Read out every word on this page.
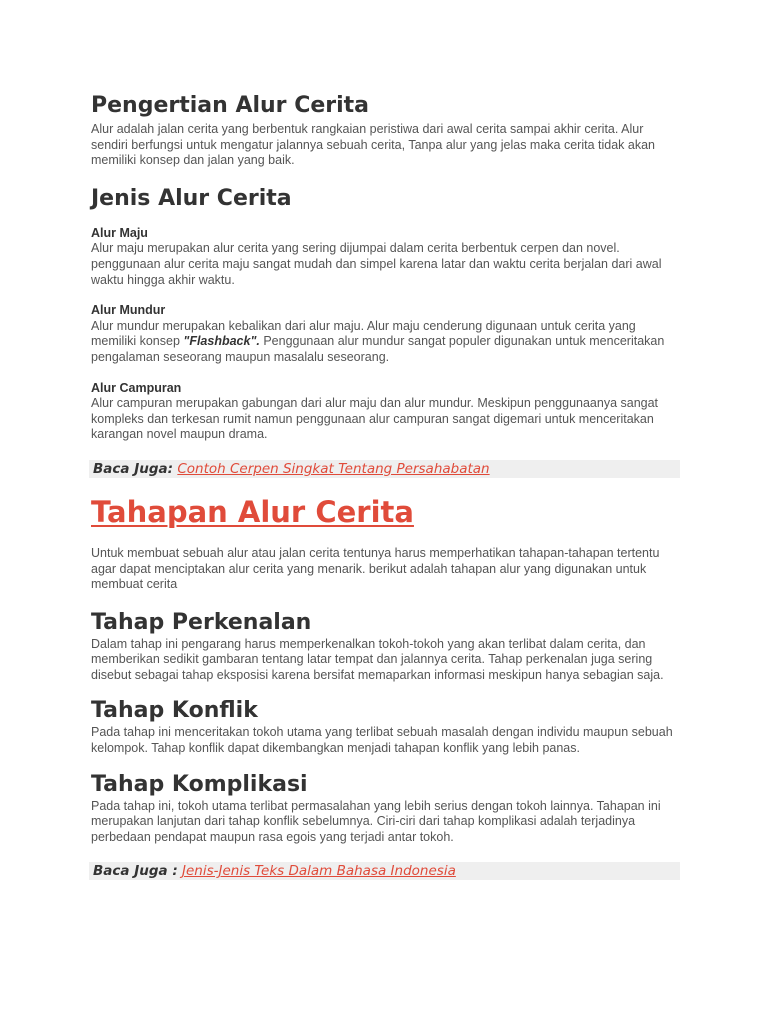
Pengertian Alur Cerita

Alur adalah jalan cerita yang berbentuk rangkaian peristiwa dari awal cerita sampai akhir cerita. Alur sendiri berfungsi untuk mengatur jalannya sebuah cerita, Tanpa alur yang jelas maka cerita tidak akan memiliki konsep dan jalan yang baik.

Jenis Alur Cerita
Alur Maju

Alur maju merupakan alur cerita yang sering dijumpai dalam cerita berbentuk cerpen dan novel. penggunaan alur cerita maju sangat mudah dan simpel karena latar dan waktu cerita berjalan dari awal waktu hingga akhir waktu.

Alur Mundur

Alur mundur merupakan kebalikan dari alur maju. Alur maju cenderung digunaan untuk cerita yang memiliki konsep "Flashback". Penggunaan alur mundur sangat populer digunakan untuk menceritakan pengalaman seseorang maupun masalalu seseorang.

Alur Campuran

Alur campuran merupakan gabungan dari alur maju dan alur mundur. Meskipun penggunaanya sangat kompleks dan terkesan rumit namun penggunaan alur campuran sangat digemari untuk menceritakan karangan novel maupun drama.

Baca Juga: Contoh Cerpen Singkat Tentang Persahabatan
Tahapan Alur Cerita

Untuk membuat sebuah alur atau jalan cerita tentunya harus memperhatikan tahapan-tahapan tertentu agar dapat menciptakan alur cerita yang menarik. berikut adalah tahapan alur yang digunakan untuk membuat cerita

Tahap Perkenalan

Dalam tahap ini pengarang harus memperkenalkan tokoh-tokoh yang akan terlibat dalam cerita, dan memberikan sedikit gambaran tentang latar tempat dan jalannya cerita. Tahap perkenalan juga sering disebut sebagai tahap eksposisi karena bersifat memaparkan informasi meskipun hanya sebagian saja.

Tahap Konflik

Pada tahap ini menceritakan tokoh utama yang terlibat sebuah masalah dengan individu maupun sebuah kelompok. Tahap konflik dapat dikembangkan menjadi tahapan konflik yang lebih panas.

Tahap Komplikasi

Pada tahap ini, tokoh utama terlibat permasalahan yang lebih serius dengan tokoh lainnya. Tahapan ini merupakan lanjutan dari tahap konflik sebelumnya. Ciri-ciri dari tahap komplikasi adalah terjadinya perbedaan pendapat maupun rasa egois yang terjadi antar tokoh.

Baca Juga : Jenis-Jenis Teks Dalam Bahasa Indonesia
